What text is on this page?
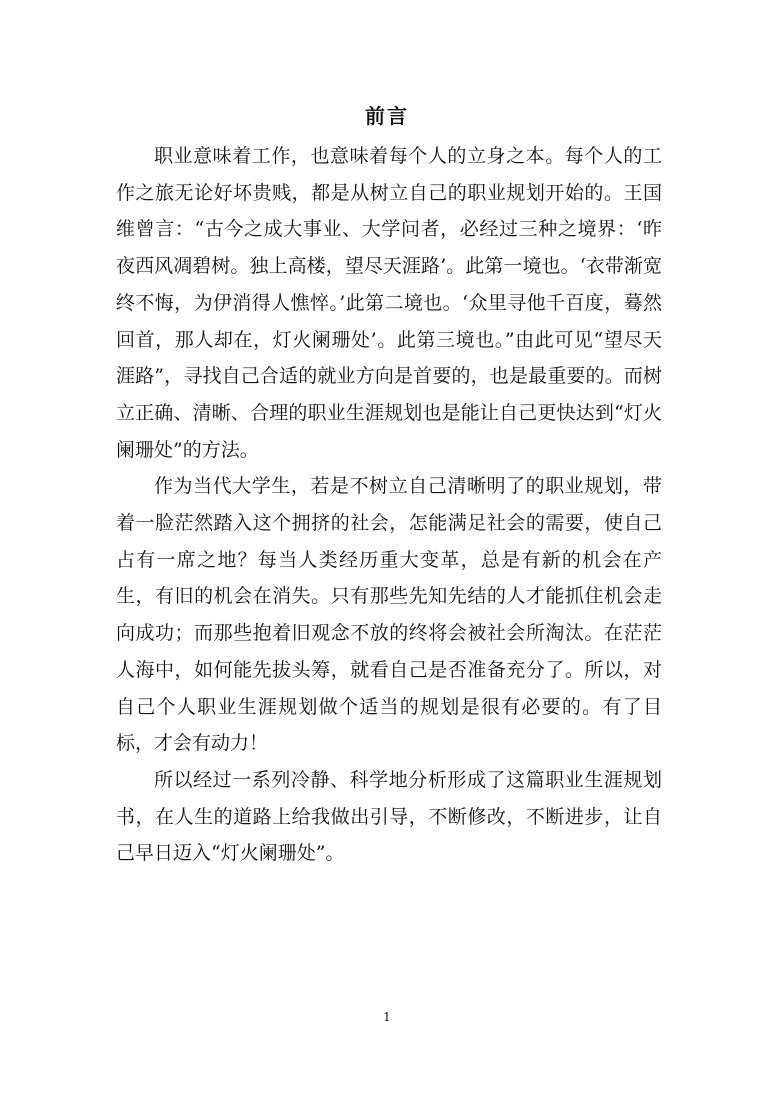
前言

职业意味着工作，也意味着每个人的立身之本。每个人的工作之旅无论好坏贵贱，都是从树立自己的职业规划开始的。王国维曾言：“古今之成大事业、大学问者，必经过三种之境界：‘昨夜西风凋碧树。独上高楼，望尽天涯路’。此第一境也。‘衣带渐宽终不悔，为伊消得人憔悴。’此第二境也。‘众里寻他千百度，蓦然回首，那人却在，灯火阑珊处’。此第三境也。”由此可见“望尽天涯路”，寻找自己合适的就业方向是首要的，也是最重要的。而树立正确、清晰、合理的职业生涯规划也是能让自己更快达到“灯火阑珊处”的方法。

作为当代大学生，若是不树立自己清晰明了的职业规划，带着一脸茫然踏入这个拥挤的社会，怎能满足社会的需要，使自己占有一席之地？每当人类经历重大变革，总是有新的机会在产生，有旧的机会在消失。只有那些先知先结的人才能抓住机会走向成功；而那些抱着旧观念不放的终将会被社会所淘汰。在茫茫人海中，如何能先拔头筹，就看自己是否准备充分了。所以，对自己个人职业生涯规划做个适当的规划是很有必要的。有了目标，才会有动力！

所以经过一系列冷静、科学地分析形成了这篇职业生涯规划书，在人生的道路上给我做出引导，不断修改，不断进步，让自己早日迈入“灯火阑珊处”。

1
